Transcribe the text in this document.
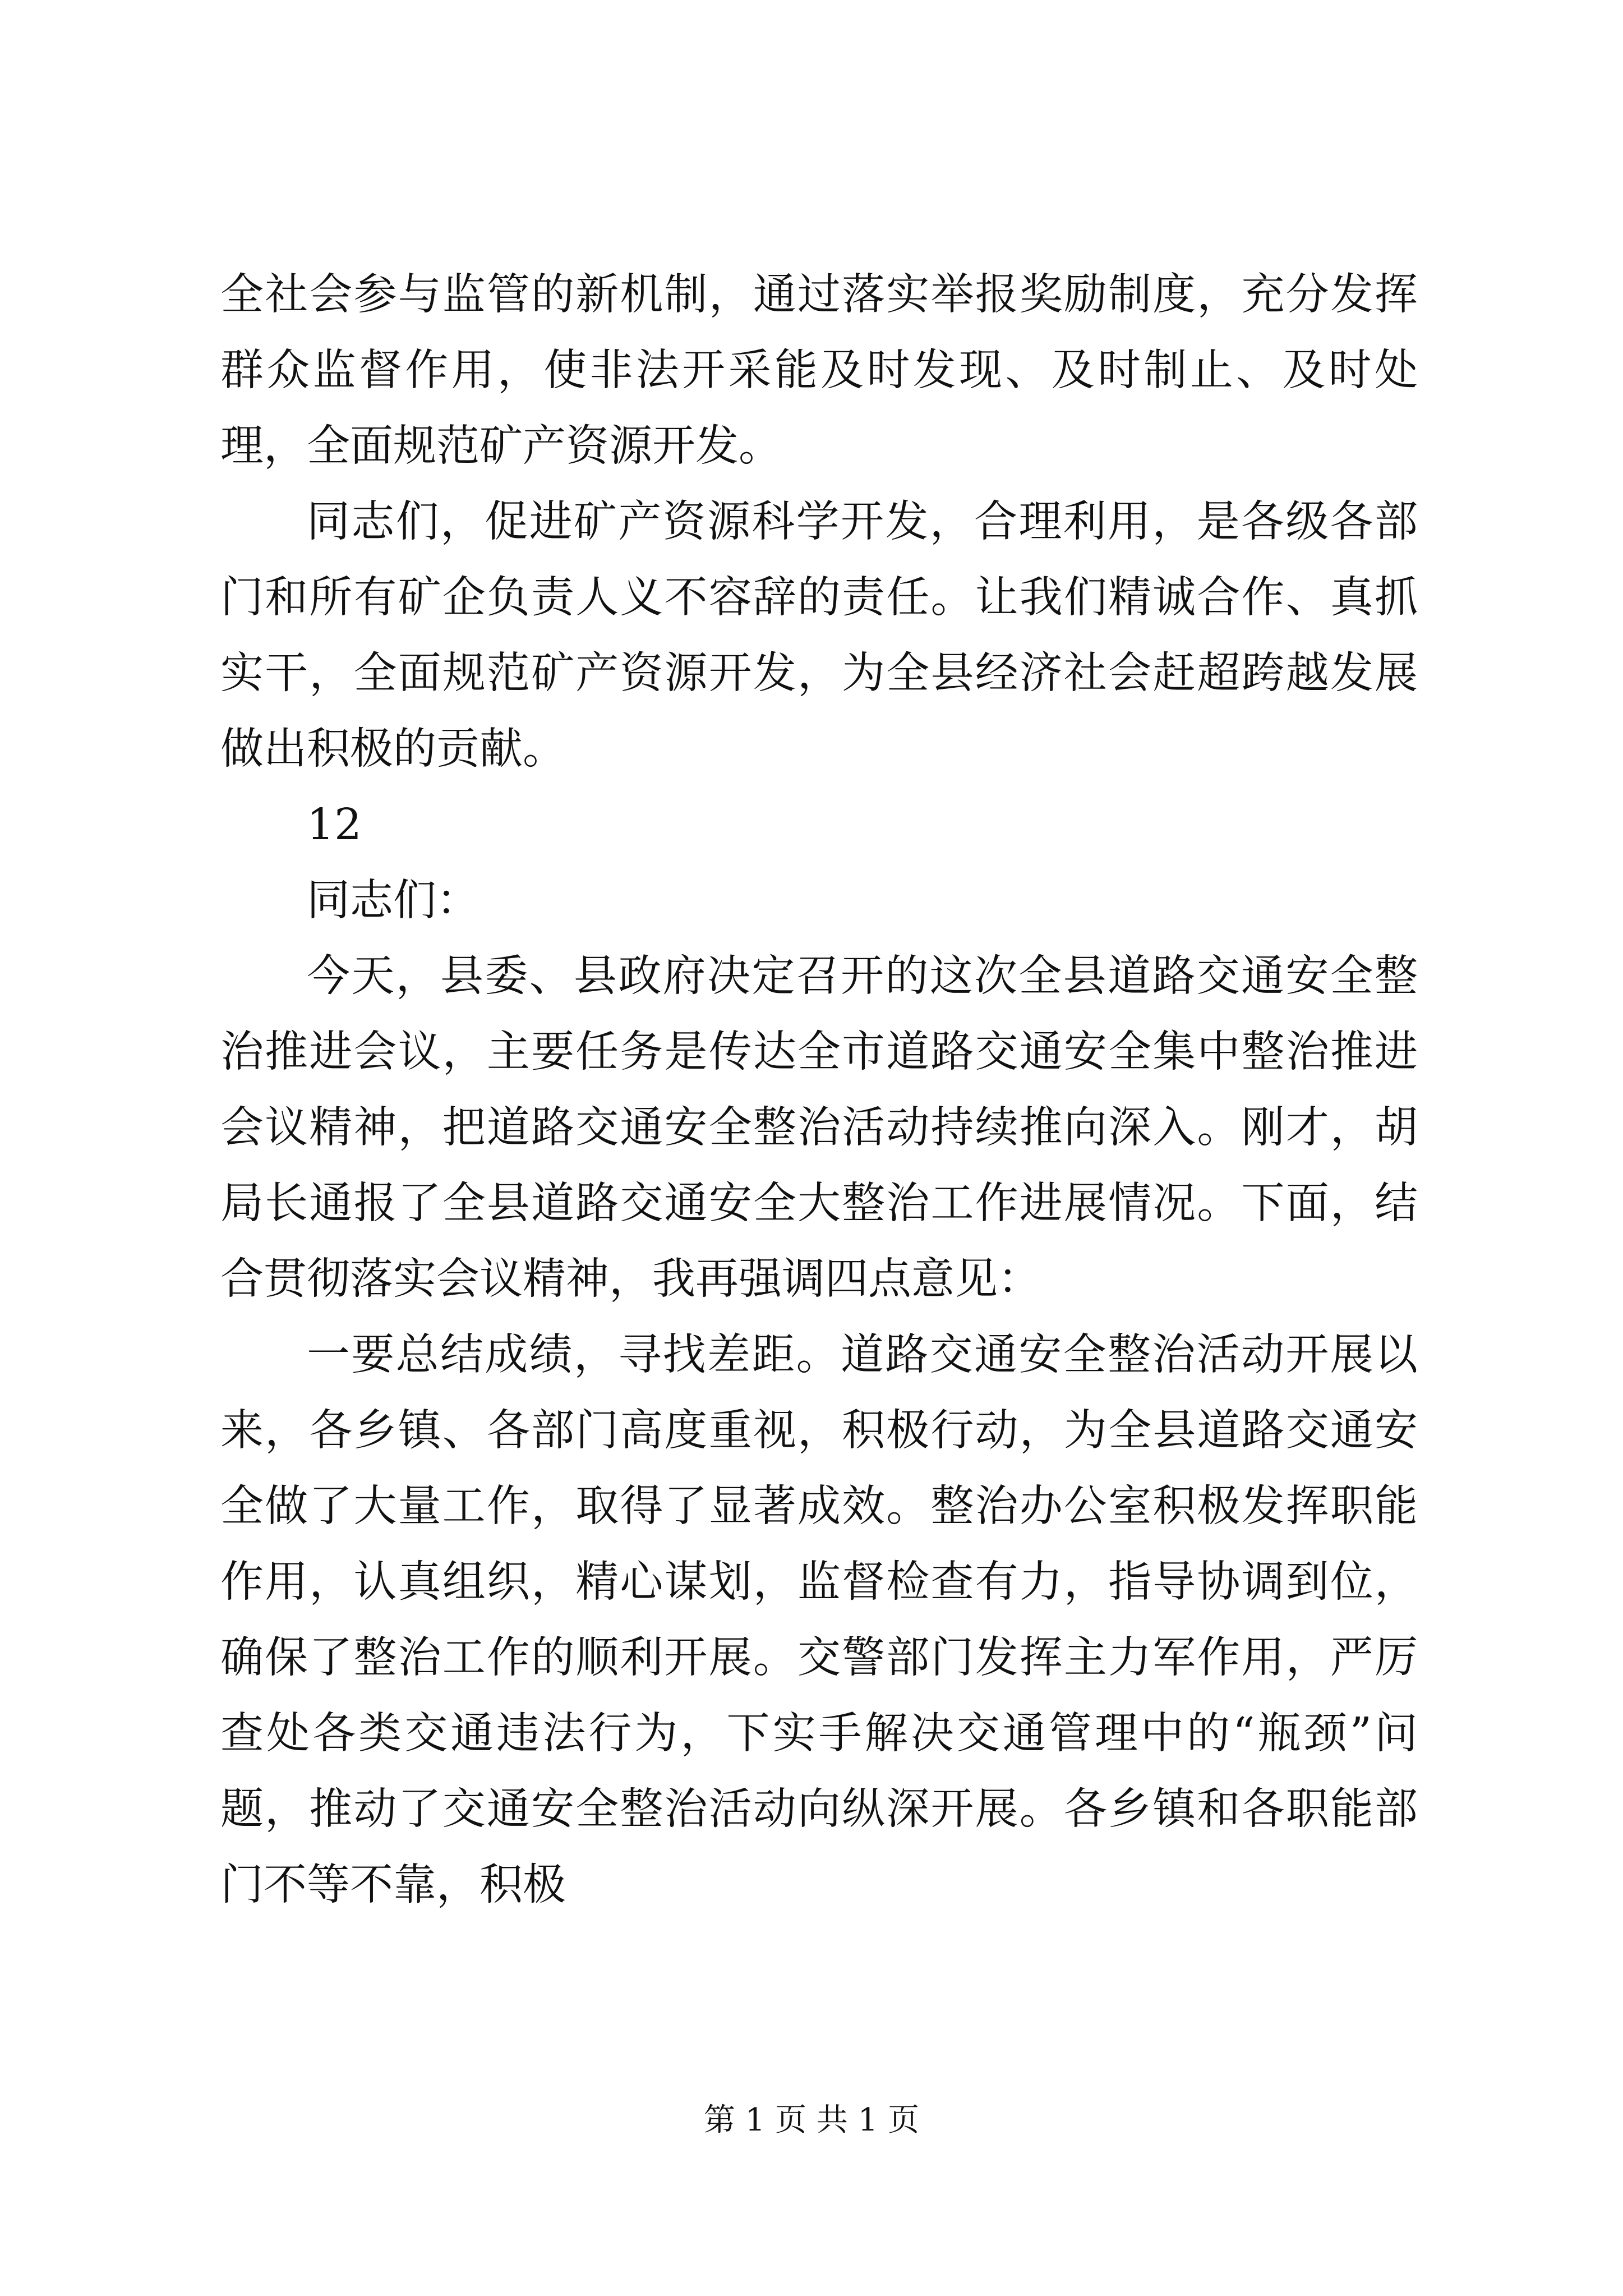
全社会参与监管的新机制，通过落实举报奖励制度，充分发挥群众监督作用，使非法开采能及时发现、及时制止、及时处理，全面规范矿产资源开发。

同志们，促进矿产资源科学开发，合理利用，是各级各部门和所有矿企负责人义不容辞的责任。让我们精诚合作、真抓实干，全面规范矿产资源开发，为全县经济社会赶超跨越发展做出积极的贡献。

12

同志们：

今天，县委、县政府决定召开的这次全县道路交通安全整治推进会议，主要任务是传达全市道路交通安全集中整治推进会议精神，把道路交通安全整治活动持续推向深入。刚才，胡局长通报了全县道路交通安全大整治工作进展情况。下面，结合贯彻落实会议精神，我再强调四点意见：

一要总结成绩，寻找差距。道路交通安全整治活动开展以来，各乡镇、各部门高度重视，积极行动，为全县道路交通安全做了大量工作，取得了显著成效。整治办公室积极发挥职能作用，认真组织，精心谋划，监督检查有力，指导协调到位，确保了整治工作的顺利开展。交警部门发挥主力军作用，严厉查处各类交通违法行为，下实手解决交通管理中的“瓶颈”问题，推动了交通安全整治活动向纵深开展。各乡镇和各职能部门不等不靠，积极

第 1 页 共 1 页
